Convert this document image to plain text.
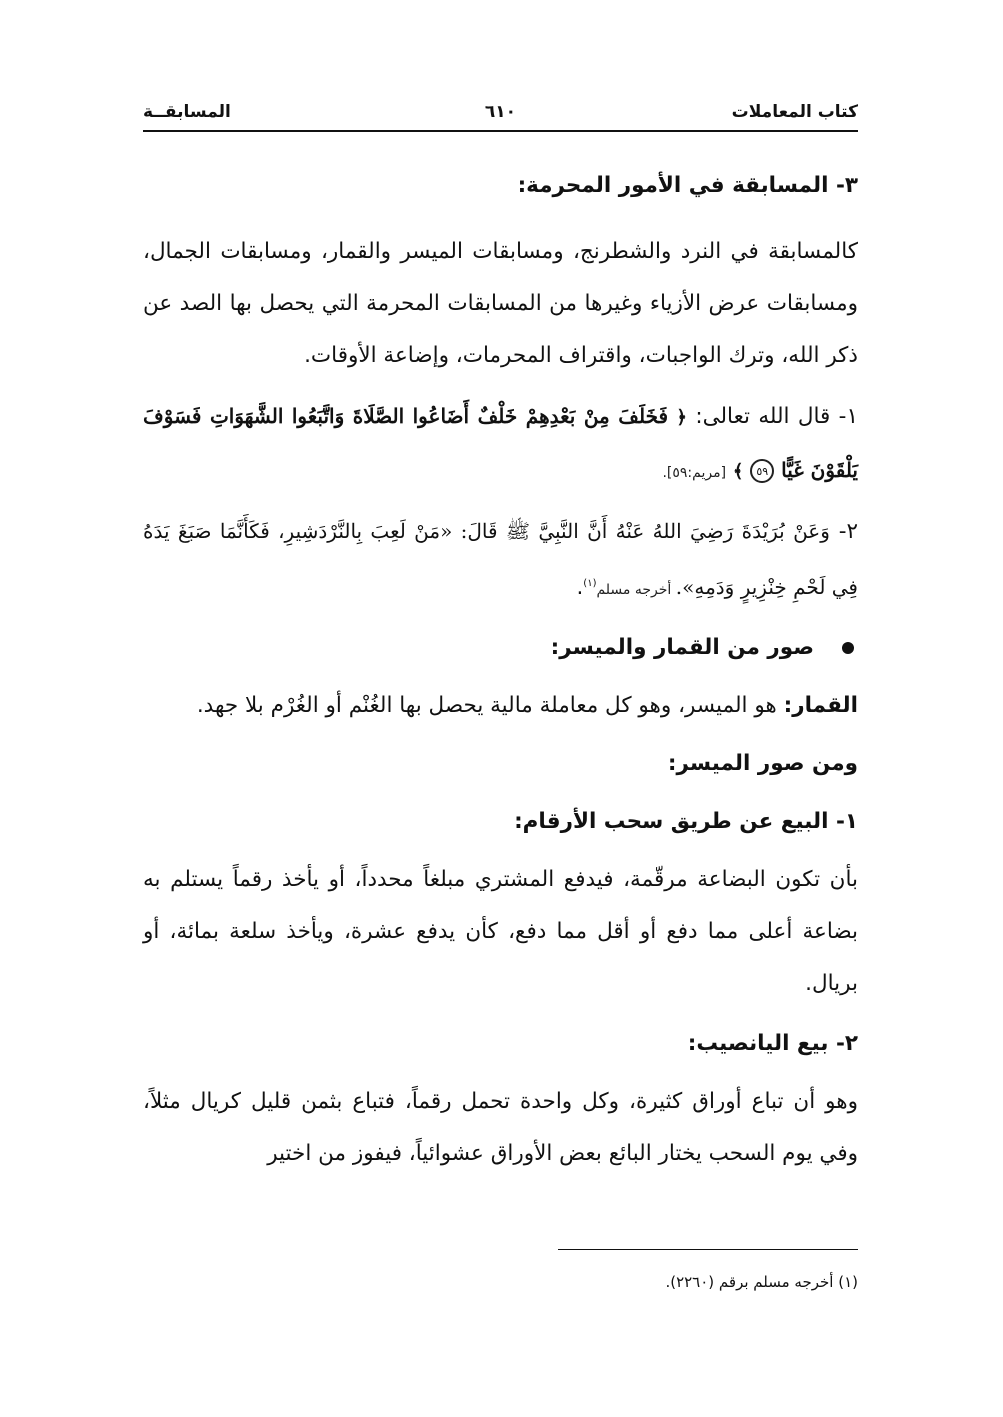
كتاب المعاملات
٦١٠
المسابقــة

٣- المسابقة في الأمور المحرمة:

كالمسابقة في النرد والشطرنج، ومسابقات الميسر والقمار، ومسابقات الجمال، ومسابقات عرض الأزياء وغيرها من المسابقات المحرمة التي يحصل بها الصد عن ذكر الله، وترك الواجبات، واقتراف المحرمات، وإضاعة الأوقات.

١- قال الله تعالى: ﴿ فَخَلَفَ مِنْ بَعْدِهِمْ خَلْفٌ أَضَاعُوا الصَّلَاةَ وَاتَّبَعُوا الشَّهَوَاتِ فَسَوْفَ يَلْقَوْنَ غَيًّا ٥٩ ﴾ [مريم:٥٩].

٢- وَعَنْ بُرَيْدَةَ رَضِيَ اللهُ عَنْهُ أَنَّ النَّبِيَّ ﷺ قَالَ: «مَنْ لَعِبَ بِالنَّرْدَشِيرِ، فَكَأَنَّمَا صَبَغَ يَدَهُ فِي لَحْمِ خِنْزِيرٍ وَدَمِهِ». أخرجه مسلم$^{(١)}$.

صور من القمار والميسر:

القمار: هو الميسر، وهو كل معاملة مالية يحصل بها الغُنْم أو الغُرْم بلا جهد.

ومن صور الميسر:

١- البيع عن طريق سحب الأرقام:

بأن تكون البضاعة مرقّمة، فيدفع المشتري مبلغاً محدداً، أو يأخذ رقماً يستلم به بضاعة أعلى مما دفع أو أقل مما دفع، كأن يدفع عشرة، ويأخذ سلعة بمائة، أو بريال.

٢- بيع اليانصيب:

وهو أن تباع أوراق كثيرة، وكل واحدة تحمل رقماً، فتباع بثمن قليل كريال مثلاً، وفي يوم السحب يختار البائع بعض الأوراق عشوائياً، فيفوز من اختير

(١) أخرجه مسلم برقم (٢٢٦٠).
